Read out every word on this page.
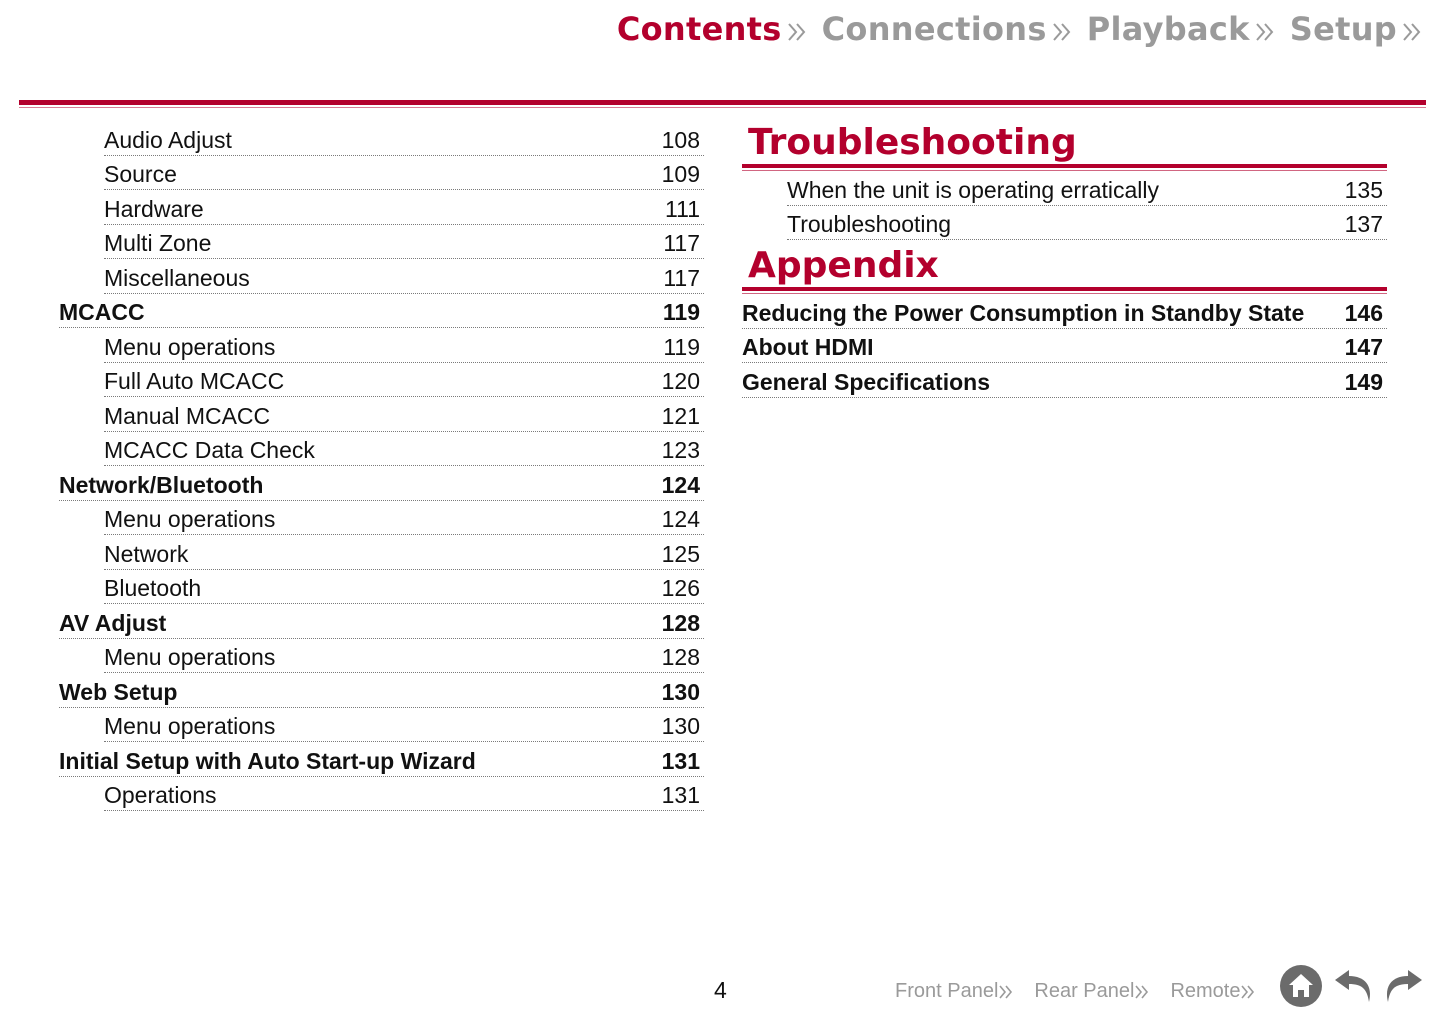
Contents Connections Playback Setup
Audio Adjust	108
Source	109
Hardware	111
Multi Zone	117
Miscellaneous	117
MCACC	119
Menu operations	119
Full Auto MCACC	120
Manual MCACC	121
MCACC Data Check	123
Network/Bluetooth	124
Menu operations	124
Network	125
Bluetooth	126
AV Adjust	128
Menu operations	128
Web Setup	130
Menu operations	130
Initial Setup with Auto Start-up Wizard	131
Operations	131
Troubleshooting
When the unit is operating erratically	135
Troubleshooting	137
Appendix
Reducing the Power Consumption in Standby State 146
About HDMI	147
General Specifications	149
4	Front Panel Rear Panel Remote
